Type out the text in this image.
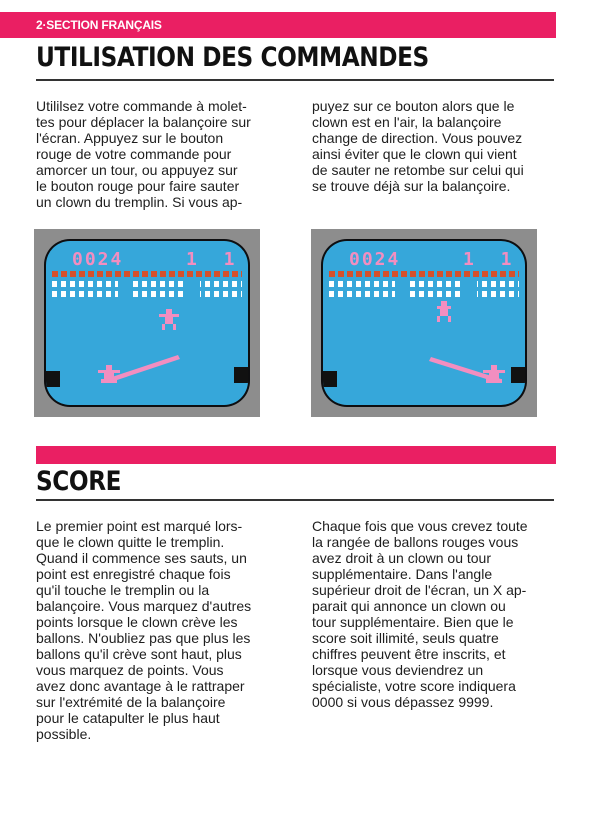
2·SECTION FRANÇAIS
UTILISATION DES COMMANDES

Utililsez votre commande à molet-
tes pour déplacer la balançoire sur
l'écran. Appuyez sur le bouton
rouge de votre commande pour
amorcer un tour, ou appuyez sur
le bouton rouge pour faire sauter
un clown du tremplin. Si vous ap-

puyez sur ce bouton alors que le
clown est en l'air, la balançoire
change de direction. Vous pouvez
ainsi éviter que le clown qui vient
de sauter ne retombe sur celui qui
se trouve déjà sur la balançoire.

0024	1 1	0024	1 1
SCORE

Le premier point est marqué lors-
que le clown quitte le tremplin.
Quand il commence ses sauts, un
point est enregistré chaque fois
qu'il touche le tremplin ou la
balançoire. Vous marquez d'autres
points lorsque le clown crève les
ballons. N'oubliez pas que plus les
ballons qu'il crève sont haut, plus
vous marquez de points. Vous
avez donc avantage à le rattraper
sur l'extrémité de la balançoire
pour le catapulter le plus haut
possible.

Chaque fois que vous crevez toute
la rangée de ballons rouges vous
avez droit à un clown ou tour
supplémentaire. Dans l'angle
supérieur droit de l'écran, un X ap-
parait qui annonce un clown ou
tour supplémentaire. Bien que le
score soit illimité, seuls quatre
chiffres peuvent être inscrits, et
lorsque vous deviendrez un
spécialiste, votre score indiquera
0000 si vous dépassez 9999.
